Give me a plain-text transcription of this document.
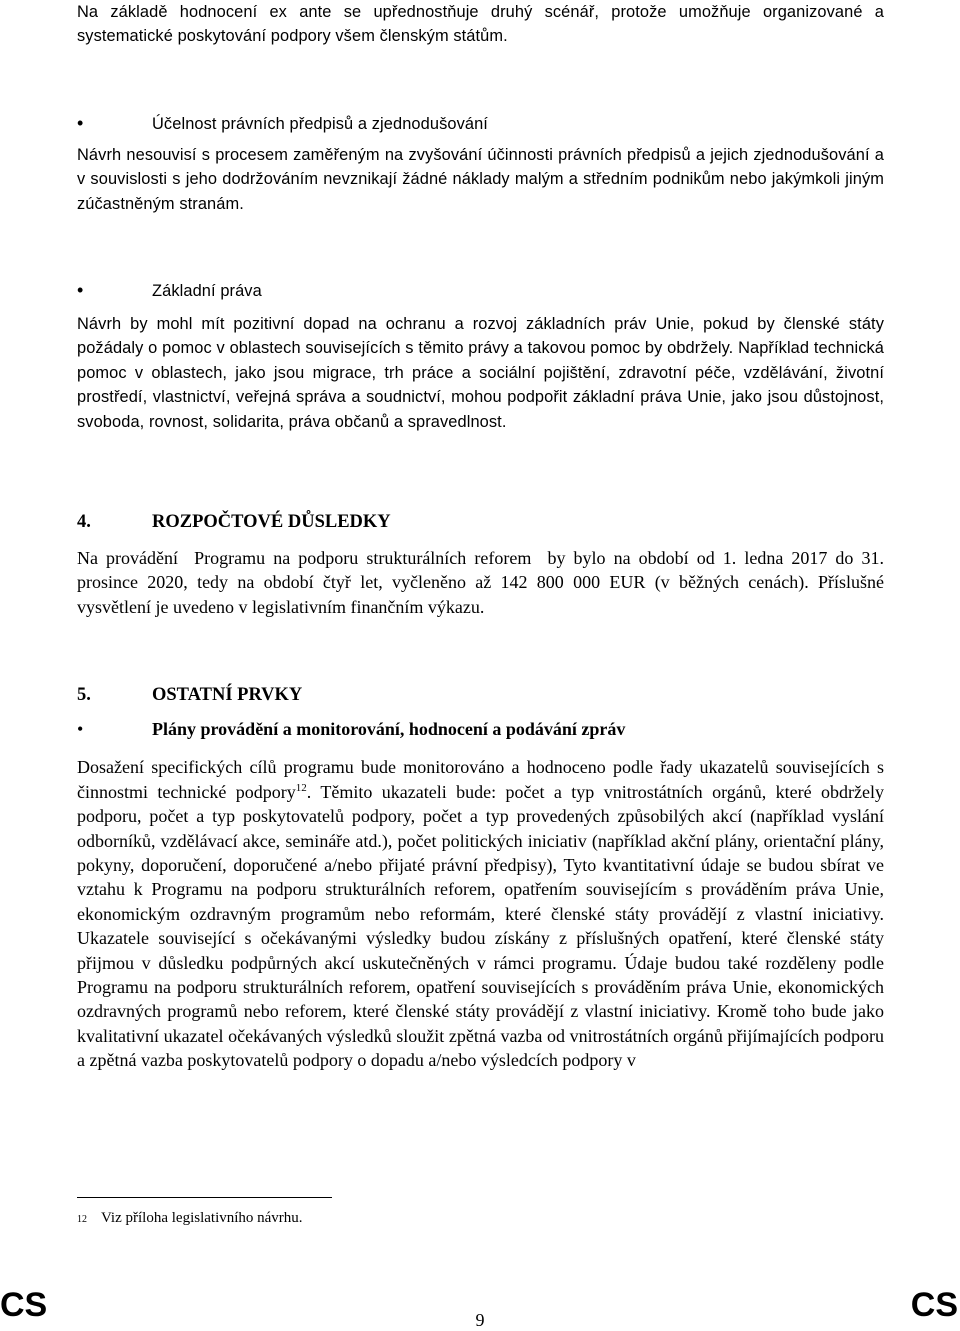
Na základě hodnocení ex ante se upřednostňuje druhý scénář, protože umožňuje organizované a systematické poskytování podpory všem členským státům.

•	Účelnost právních předpisů a zjednodušování

Návrh nesouvisí s procesem zaměřeným na zvyšování účinnosti právních předpisů a jejich zjednodušování a v souvislosti s jeho dodržováním nevznikají žádné náklady malým a středním podnikům nebo jakýmkoli jiným zúčastněným stranám.

•	Základní práva

Návrh by mohl mít pozitivní dopad na ochranu a rozvoj základních práv Unie, pokud by členské státy požádaly o pomoc v oblastech souvisejících s těmito právy a takovou pomoc by obdržely. Například technická pomoc v oblastech, jako jsou migrace, trh práce a sociální pojištění, zdravotní péče, vzdělávání, životní prostředí, vlastnictví, veřejná správa a soudnictví, mohou podpořit základní práva Unie, jako jsou důstojnost, svoboda, rovnost, solidarita, práva občanů a spravedlnost.

4.	ROZPOČTOVÉ DŮSLEDKY

Na provádění  Programu na podporu strukturálních reforem  by bylo na období od 1. ledna 2017 do 31. prosince 2020, tedy na období čtyř let, vyčleněno až 142 800 000 EUR (v běžných cenách). Příslušné vysvětlení je uvedeno v legislativním finančním výkazu.

5.	OSTATNÍ PRVKY
•	Plány provádění a monitorování, hodnocení a podávání zpráv

Dosažení specifických cílů programu bude monitorováno a hodnoceno podle řady ukazatelů souvisejících s činnostmi technické podpory$^{12}$. Těmito ukazateli bude: počet a typ vnitrostátních orgánů, které obdržely podporu, počet a typ poskytovatelů podpory, počet a typ provedených způsobilých akcí (například vyslání odborníků, vzdělávací akce, semináře atd.), počet politických iniciativ (například akční plány, orientační plány, pokyny, doporučení, doporučené a/nebo přijaté právní předpisy), Tyto kvantitativní údaje se budou sbírat ve vztahu k Programu na podporu strukturálních reforem, opatřením souvisejícím s prováděním práva Unie, ekonomickým ozdravným programům nebo reformám, které členské státy provádějí z vlastní iniciativy. Ukazatele související s očekávanými výsledky budou získány z příslušných opatření, které členské státy přijmou v důsledku podpůrných akcí uskutečněných v rámci programu. Údaje budou také rozděleny podle Programu na podporu strukturálních reforem, opatření souvisejících s prováděním práva Unie, ekonomických ozdravných programů nebo reforem, které členské státy provádějí z vlastní iniciativy. Kromě toho bude jako kvalitativní ukazatel očekávaných výsledků sloužit zpětná vazba od vnitrostátních orgánů přijímajících podporu a zpětná vazba poskytovatelů podpory o dopadu a/nebo výsledcích podpory v

12 Viz příloha legislativního návrhu.
CS	9	CS
